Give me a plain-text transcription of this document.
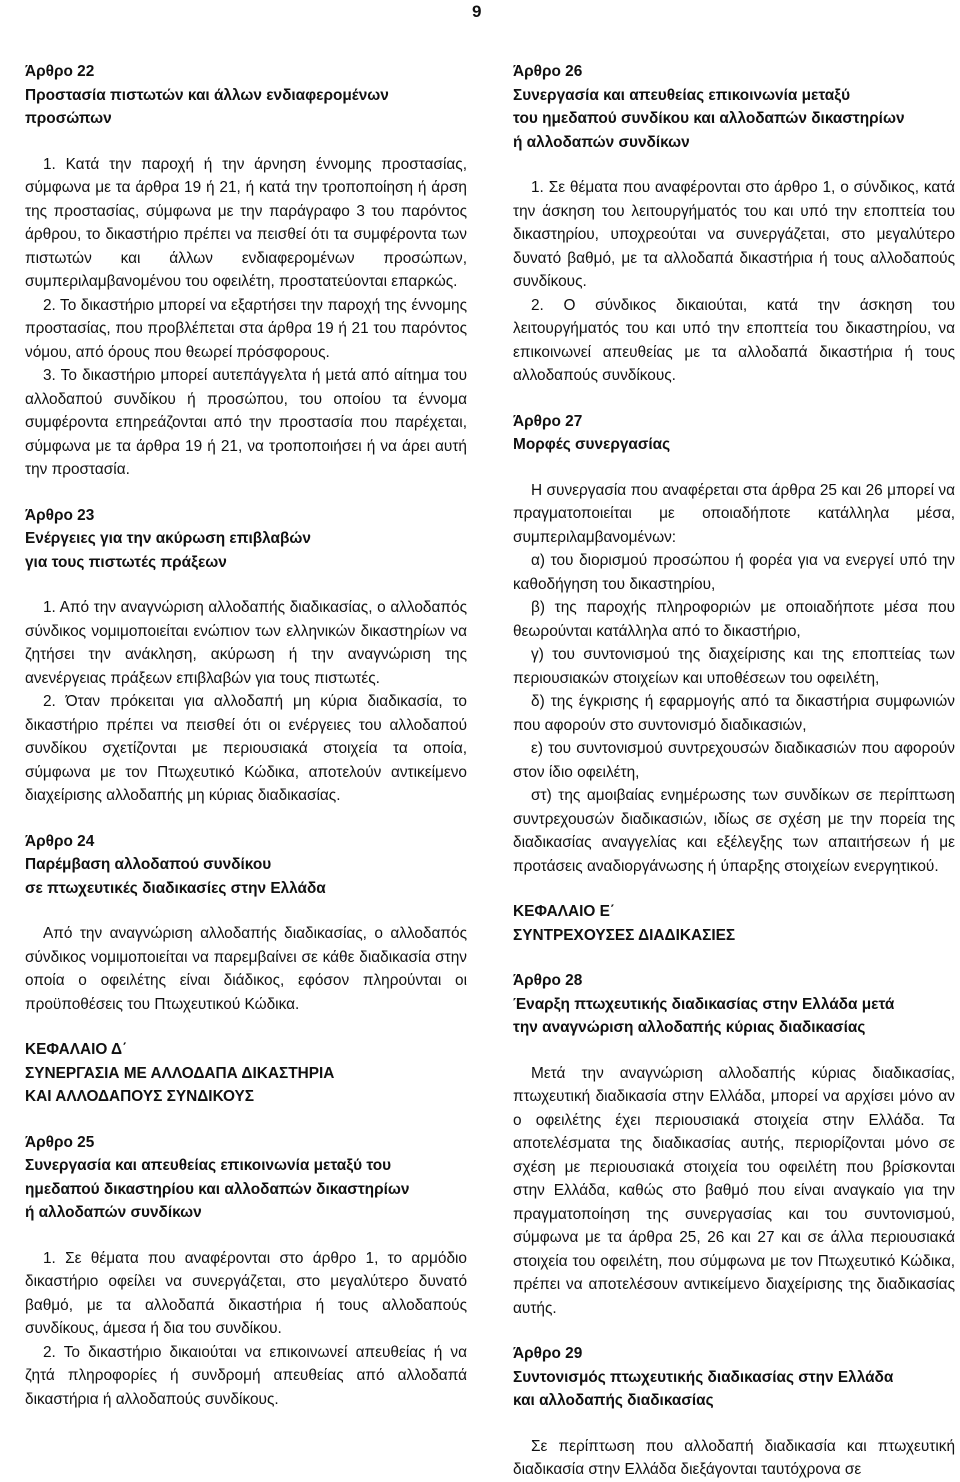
9

Άρθρο 22

Προστασία πιστωτών και άλλων ενδιαφερομένων

προσώπων

1. Κατά την παροχή ή την άρνηση έννομης προστασίας, σύμφωνα με τα άρθρα 19 ή 21, ή κατά την τροποποίηση ή άρση της προστασίας, σύμφωνα με την παράγραφο 3 του παρόντος άρθρου, το δικαστήριο πρέπει να πεισθεί ότι τα συμφέροντα των πιστωτών και άλλων ενδιαφερομένων προσώπων, συμπεριλαμβανομένου του οφειλέτη, προστατεύονται επαρκώς.

2. Το δικαστήριο μπορεί να εξαρτήσει την παροχή της έννομης προστασίας, που προβλέπεται στα άρθρα 19 ή 21 του παρόντος νόμου, από όρους που θεωρεί πρόσφορους.

3. Το δικαστήριο μπορεί αυτεπάγγελτα ή μετά από αίτημα του αλλοδαπού συνδίκου ή προσώπου, του οποίου τα έννομα συμφέροντα επηρεάζονται από την προστασία που παρέχεται, σύμφωνα με τα άρθρα 19 ή 21, να τροποποιήσει ή να άρει αυτή την προστασία.

Άρθρο 23

Ενέργειες για την ακύρωση επιβλαβών

για τους πιστωτές πράξεων

1. Από την αναγνώριση αλλοδαπής διαδικασίας, ο αλλοδαπός σύνδικος νομιμοποιείται ενώπιον των ελληνικών δικαστηρίων να ζητήσει την ανάκληση, ακύρωση ή την αναγνώριση της ανενέργειας πράξεων επιβλαβών για τους πιστωτές.

2. Όταν πρόκειται για αλλοδαπή μη κύρια διαδικασία, το δικαστήριο πρέπει να πεισθεί ότι οι ενέργειες του αλλοδαπού συνδίκου σχετίζονται με περιουσιακά στοιχεία τα οποία, σύμφωνα με τον Πτωχευτικό Κώδικα, αποτελούν αντικείμενο διαχείρισης αλλοδαπής μη κύριας διαδικασίας.

Άρθρο 24

Παρέμβαση αλλοδαπού συνδίκου

σε πτωχευτικές διαδικασίες στην Ελλάδα

Από την αναγνώριση αλλοδαπής διαδικασίας, ο αλλοδαπός σύνδικος νομιμοποιείται να παρεμβαίνει σε κάθε διαδικασία στην οποία ο οφειλέτης είναι διάδικος, εφόσον πληρούνται οι προϋποθέσεις του Πτωχευτικού Κώδικα.

ΚΕΦΑΛΑΙΟ Δ΄

ΣΥΝΕΡΓΑΣΙΑ ΜΕ ΑΛΛΟΔΑΠΑ ΔΙΚΑΣΤΗΡΙΑ

ΚΑΙ ΑΛΛΟΔΑΠΟΥΣ ΣΥΝΔΙΚΟΥΣ

Άρθρο 25

Συνεργασία και απευθείας επικοινωνία μεταξύ του

ημεδαπού δικαστηρίου και αλλοδαπών δικαστηρίων

ή αλλοδαπών συνδίκων

1. Σε θέματα που αναφέρονται στο άρθρο 1, το αρμόδιο δικαστήριο οφείλει να συνεργάζεται, στο μεγαλύτερο δυνατό βαθμό, με τα αλλοδαπά δικαστήρια ή τους αλλοδαπούς συνδίκους, άμεσα ή δια του συνδίκου.

2. Το δικαστήριο δικαιούται να επικοινωνεί απευθείας ή να ζητά πληροφορίες ή συνδρομή απευθείας από αλλοδαπά δικαστήρια ή αλλοδαπούς συνδίκους.

Άρθρο 26

Συνεργασία και απευθείας επικοινωνία μεταξύ

του ημεδαπού συνδίκου και αλλοδαπών δικαστηρίων

ή αλλοδαπών συνδίκων

1. Σε θέματα που αναφέρονται στο άρθρο 1, ο σύνδικος, κατά την άσκηση του λειτουργήματός του και υπό την εποπτεία του δικαστηρίου, υποχρεούται να συνεργάζεται, στο μεγαλύτερο δυνατό βαθμό, με τα αλλοδαπά δικαστήρια ή τους αλλοδαπούς συνδίκους.

2. Ο σύνδικος δικαιούται, κατά την άσκηση του λειτουργήματός του και υπό την εποπτεία του δικαστηρίου, να επικοινωνεί απευθείας με τα αλλοδαπά δικαστήρια ή τους αλλοδαπούς συνδίκους.

Άρθρο 27

Μορφές συνεργασίας

Η συνεργασία που αναφέρεται στα άρθρα 25 και 26 μπορεί να πραγματοποιείται με οποιαδήποτε κατάλληλα μέσα, συμπεριλαμβανομένων:

α) του διορισμού προσώπου ή φορέα για να ενεργεί υπό την καθοδήγηση του δικαστηρίου,

β) της παροχής πληροφοριών με οποιαδήποτε μέσα που θεωρούνται κατάλληλα από το δικαστήριο,

γ) του συντονισμού της διαχείρισης και της εποπτείας των περιουσιακών στοιχείων και υποθέσεων του οφειλέτη,

δ) της έγκρισης ή εφαρμογής από τα δικαστήρια συμφωνιών που αφορούν στο συντονισμό διαδικασιών,

ε) του συντονισμού συντρεχουσών διαδικασιών που αφορούν στον ίδιο οφειλέτη,

στ) της αμοιβαίας ενημέρωσης των συνδίκων σε περίπτωση συντρεχουσών διαδικασιών, ιδίως σε σχέση με την πορεία της διαδικασίας αναγγελίας και εξέλεγξης των απαιτήσεων ή με προτάσεις αναδιοργάνωσης ή ύπαρξης στοιχείων ενεργητικού.

ΚΕΦΑΛΑΙΟ Ε΄

ΣΥΝΤΡΕΧΟΥΣΕΣ ΔΙΑΔΙΚΑΣΙΕΣ

Άρθρο 28

Έναρξη πτωχευτικής διαδικασίας στην Ελλάδα μετά

την αναγνώριση αλλοδαπής κύριας διαδικασίας

Μετά την αναγνώριση αλλοδαπής κύριας διαδικασίας, πτωχευτική διαδικασία στην Ελλάδα, μπορεί να αρχίσει μόνο αν ο οφειλέτης έχει περιουσιακά στοιχεία στην Ελλάδα. Τα αποτελέσματα της διαδικασίας αυτής, περιορίζονται μόνο σε σχέση με περιουσιακά στοιχεία του οφειλέτη που βρίσκονται στην Ελλάδα, καθώς στο βαθμό που είναι αναγκαίο για την πραγματοποίηση της συνεργασίας και του συντονισμού, σύμφωνα με τα άρθρα 25, 26 και 27 και σε άλλα περιουσιακά στοιχεία του οφειλέτη, που σύμφωνα με τον Πτωχευτικό Κώδικα, πρέπει να αποτελέσουν αντικείμενο διαχείρισης της διαδικασίας αυτής.

Άρθρο 29

Συντονισμός πτωχευτικής διαδικασίας στην Ελλάδα

και αλλοδαπής διαδικασίας

Σε περίπτωση που αλλοδαπή διαδικασία και πτωχευτική διαδικασία στην Ελλάδα διεξάγονται ταυτόχρονα σε
